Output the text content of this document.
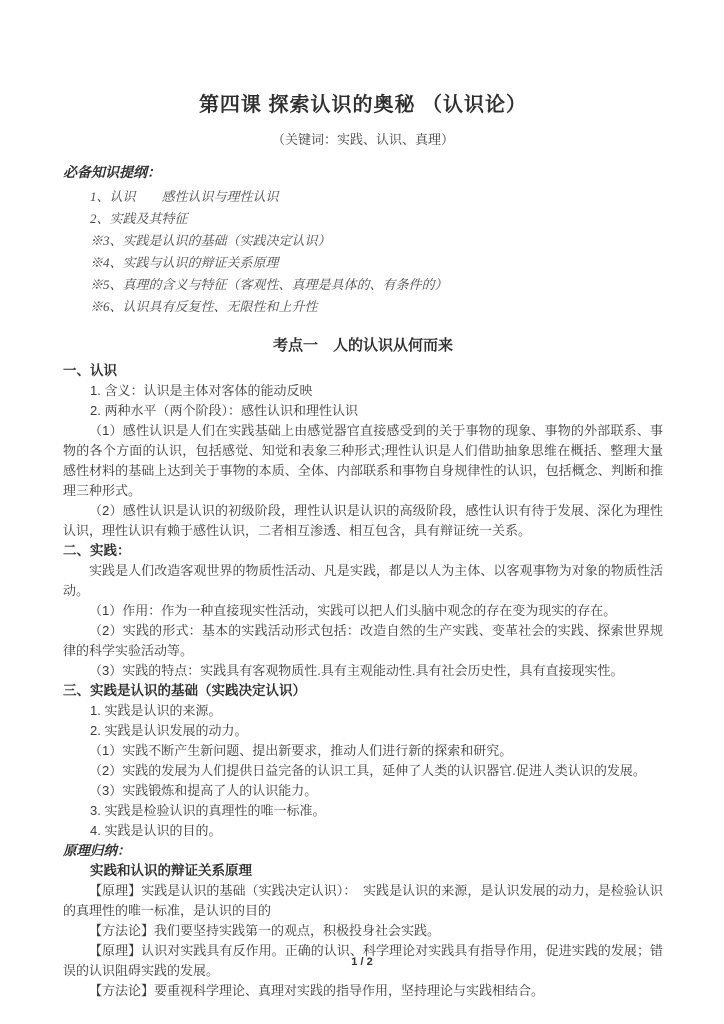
第四课 探索认识的奥秘 （认识论）
（关键词：实践、认识、真理）
必备知识提纲：
1、认识　　感性认识与理性认识
2、实践及其特征
※3、实践是认识的基础（实践决定认识）
※4、实践与认识的辩证关系原理
※5、真理的含义与特征（客观性、真理是具体的、有条件的）
※6、认识具有反复性、无限性和上升性
考点一　人的认识从何而来
一、认识
1. 含义：认识是主体对客体的能动反映
2. 两种水平（两个阶段）：感性认识和理性认识
（1）感性认识是人们在实践基础上由感觉器官直接感受到的关于事物的现象、事物的外部联系、事物的各个方面的认识，包括感觉、知觉和表象三种形式;理性认识是人们借助抽象思维在概括、整理大量感性材料的基础上达到关于事物的本质、全体、内部联系和事物自身规律性的认识，包括概念、判断和推理三种形式。
（2）感性认识是认识的初级阶段，理性认识是认识的高级阶段，感性认识有待于发展、深化为理性认识，理性认识有赖于感性认识，二者相互渗透、相互包含，具有辩证统一关系。
二、实践：
实践是人们改造客观世界的物质性活动、凡是实践，都是以人为主体、以客观事物为对象的物质性活动。
（1）作用：作为一种直接现实性活动，实践可以把人们头脑中观念的存在变为现实的存在。
（2）实践的形式：基本的实践活动形式包括：改造自然的生产实践、变革社会的实践、探索世界规律的科学实验活动等。
（3）实践的特点：实践具有客观物质性.具有主观能动性.具有社会历史性，具有直接现实性。
三、实践是认识的基础（实践决定认识）
1. 实践是认识的来源。
2. 实践是认识发展的动力。
（1）实践不断产生新问题、提出新要求，推动人们进行新的探索和研究。
（2）实践的发展为人们提供日益完备的认识工具，延伸了人类的认识器官.促进人类认识的发展。
（3）实践锻炼和提高了人的认识能力。
3. 实践是检验认识的真理性的唯一标准。
4. 实践是认识的目的。
原理归纳：
实践和认识的辩证关系原理
【原理】实践是认识的基础（实践决定认识）：　实践是认识的来源，是认识发展的动力，是检验认识的真理性的唯一标准，是认识的目的
【方法论】我们要坚持实践第一的观点，积极投身社会实践。
【原理】认识对实践具有反作用。正确的认识、科学理论对实践具有指导作用，促进实践的发展；错误的认识阻碍实践的发展。
【方法论】要重视科学理论、真理对实践的指导作用，坚持理论与实践相结合。
1 / 2
